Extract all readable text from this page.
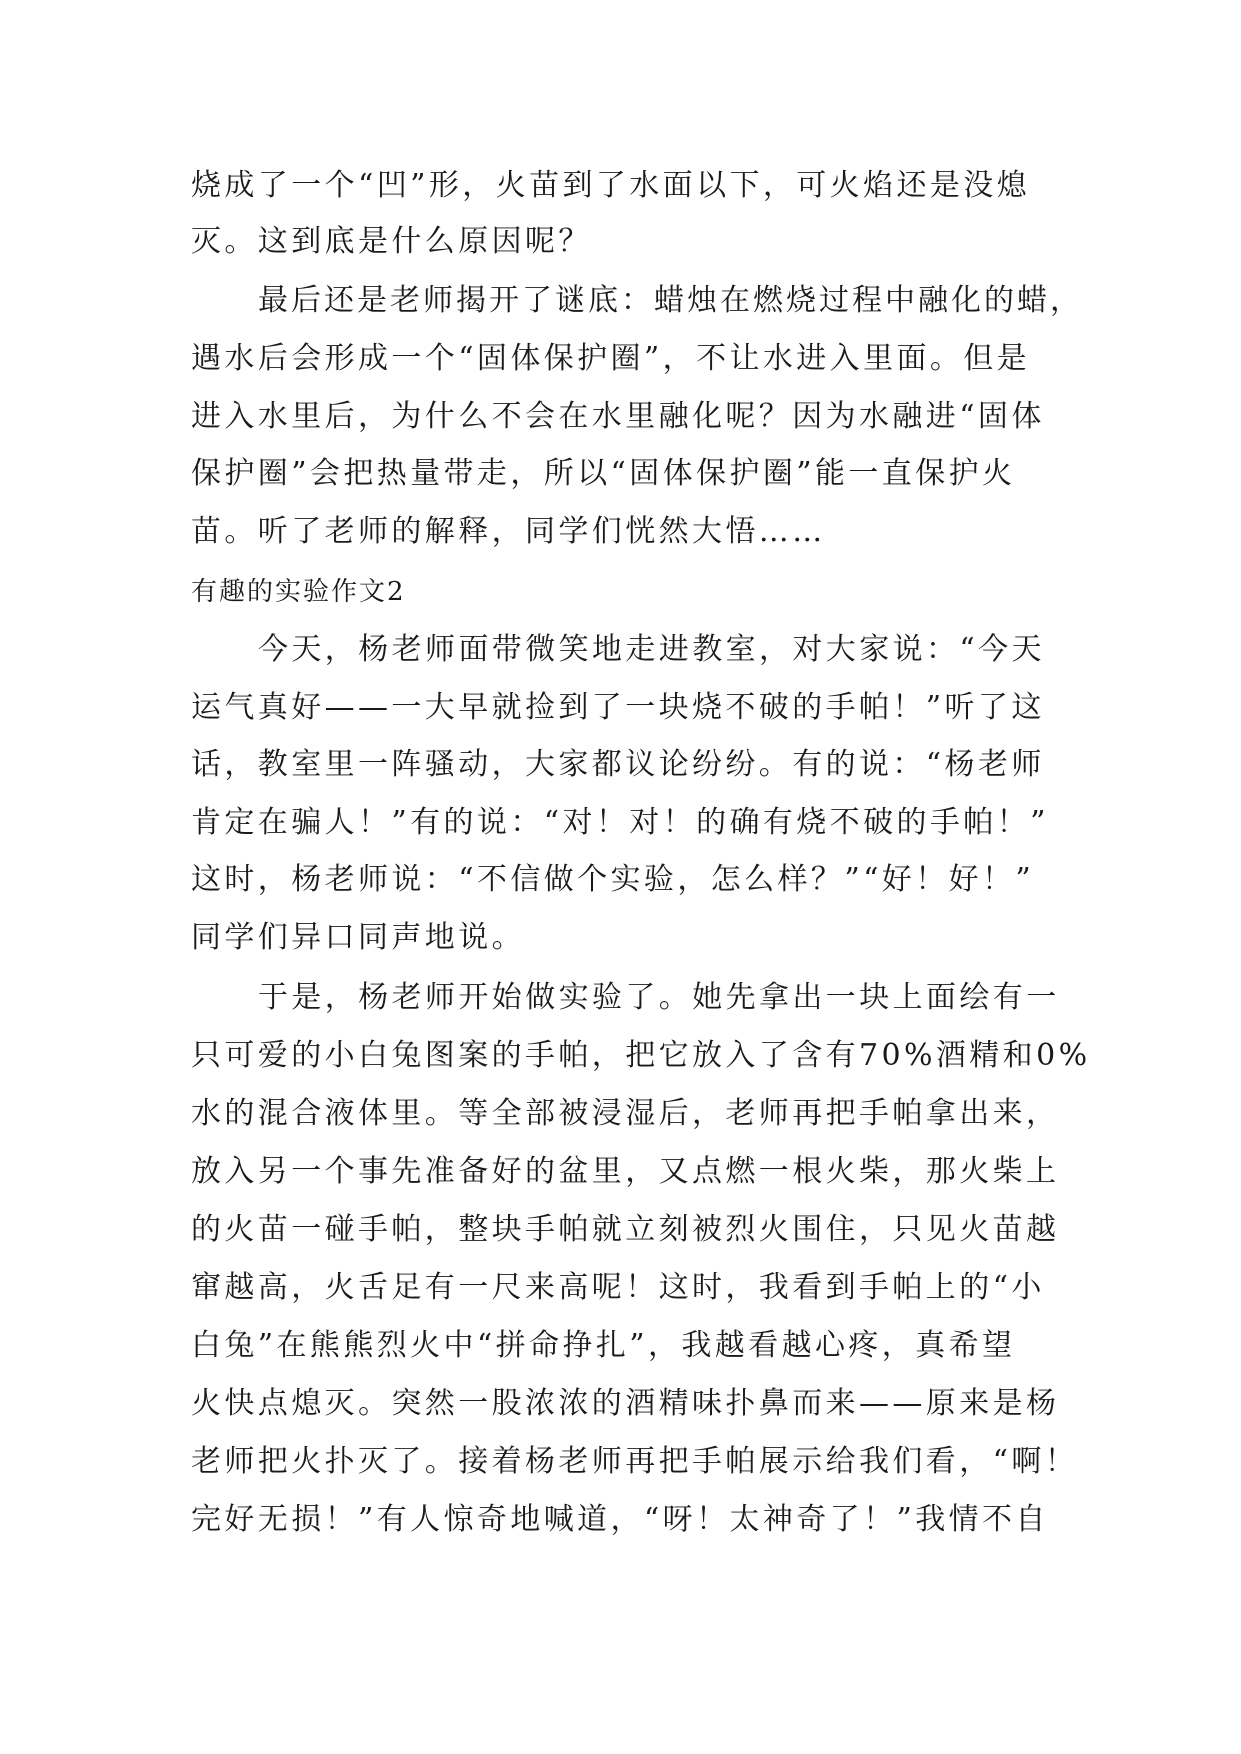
烧成了一个“凹”形，火苗到了水面以下，可火焰还是没熄
灭。这到底是什么原因呢？
最后还是老师揭开了谜底：蜡烛在燃烧过程中融化的蜡，
遇水后会形成一个“固体保护圈”，不让水进入里面。但是
进入水里后，为什么不会在水里融化呢？因为水融进“固体
保护圈”会把热量带走，所以“固体保护圈”能一直保护火
苗。听了老师的解释，同学们恍然大悟……
有趣的实验作文2
今天，杨老师面带微笑地走进教室，对大家说：“今天
运气真好——一大早就捡到了一块烧不破的手帕！”听了这
话，教室里一阵骚动，大家都议论纷纷。有的说：“杨老师
肯定在骗人！”有的说：“对！对！的确有烧不破的手帕！”
这时，杨老师说：“不信做个实验，怎么样？”“好！好！”
同学们异口同声地说。
于是，杨老师开始做实验了。她先拿出一块上面绘有一
只可爱的小白兔图案的手帕，把它放入了含有70%酒精和0%
水的混合液体里。等全部被浸湿后，老师再把手帕拿出来，
放入另一个事先准备好的盆里，又点燃一根火柴，那火柴上
的火苗一碰手帕，整块手帕就立刻被烈火围住，只见火苗越
窜越高，火舌足有一尺来高呢！这时，我看到手帕上的“小
白兔”在熊熊烈火中“拼命挣扎”，我越看越心疼，真希望
火快点熄灭。突然一股浓浓的酒精味扑鼻而来——原来是杨
老师把火扑灭了。接着杨老师再把手帕展示给我们看，“啊！
完好无损！”有人惊奇地喊道，“呀！太神奇了！”我情不自
